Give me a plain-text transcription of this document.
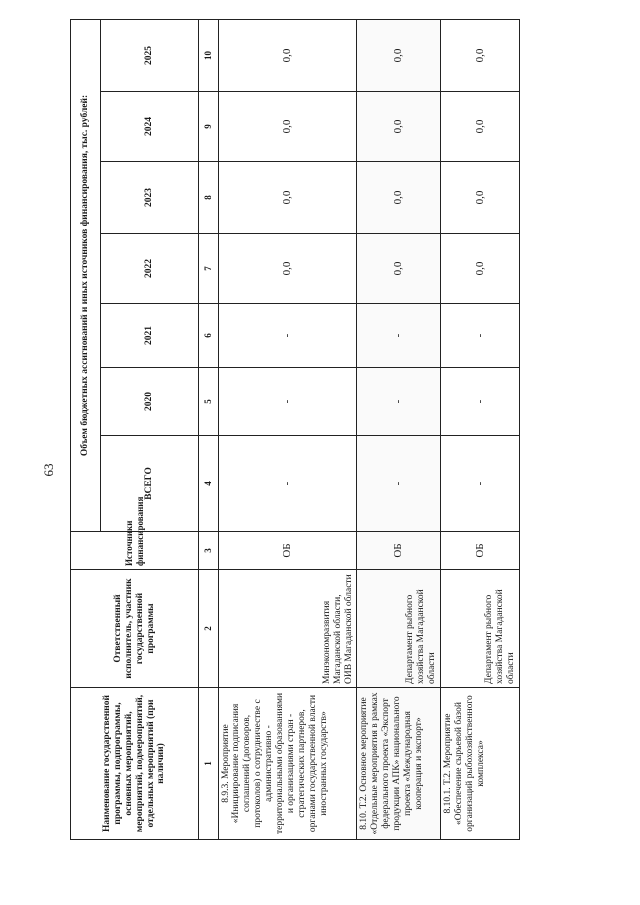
63
Наименование государственной программы, подпрограммы, основных мероприятий, мероприятий, подмероприятий, отдельных мероприятий (при наличии)	Ответственный исполнитель, участник государственной программы	Источники финансирования	Объем бюджетных ассигнований и иных источников финансирования, тыс. рублей:						
			ВСЕГО	2020	2021	2022	2023	2024	2025
1	2	3	4	5	6	7	8	9	10
8.9.3. Мероприятие «Инициирование подписания соглашений (договоров, протоколов) о сотрудничестве с административно - территориальными образованиями и организациями стран - стратегических партнеров, органами государственной власти иностранных государств»	Минэкономразвития Магаданской области, ОИВ Магаданской области	ОБ	-	-	-	0,0	0,0	0,0	0,0
8.10. Т.2. Основное мероприятие «Отдельные мероприятия в рамках федерального проекта «Экспорт продукции АПК» национального проекта «Международная кооперация и экспорт»	Департамент рыбного хозяйства Магаданской области	ОБ	-	-	-	0,0	0,0	0,0	0,0
8.10.1. Т.2. Мероприятие «Обеспечение сырьевой базой организаций рыбохозяйственного комплекса»	Департамент рыбного хозяйства Магаданской области	ОБ	-	-	-	0,0	0,0	0,0	0,0
